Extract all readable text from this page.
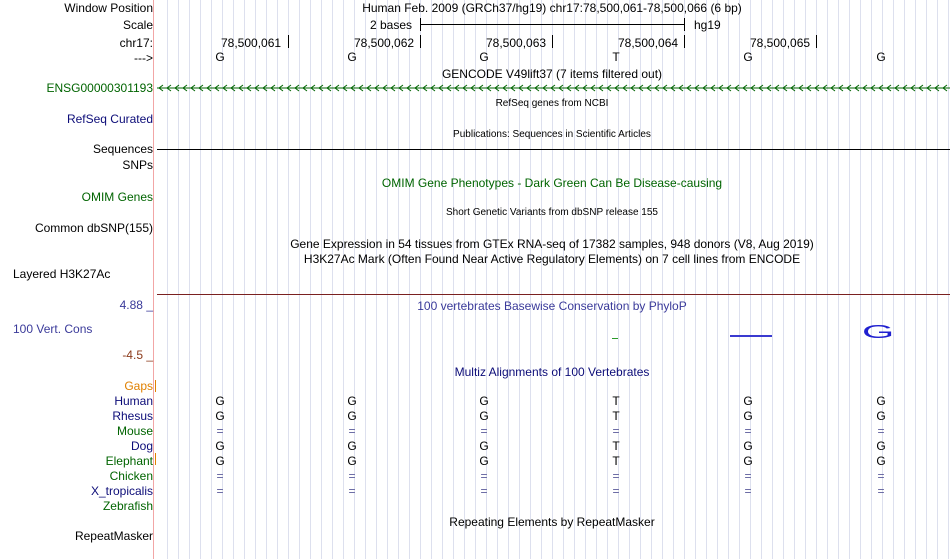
Window Position	Human Feb. 2009 (GRCh37/hg19) chr17:78,500,061-78,500,066 (6 bp)
Scale	2 bases	hg19
chr17:	78,500,061	78,500,062	78,500,063	78,500,064	78,500,065
--->	G	G	G	T	G	G
GENCODE V49lift37 (7 items filtered out)
ENSG00000301193
RefSeq genes from NCBI
RefSeq Curated
Publications: Sequences in Scientific Articles
Sequences
SNPs
OMIM Gene Phenotypes - Dark Green Can Be Disease-causing
OMIM Genes
Short Genetic Variants from dbSNP release 155
Common dbSNP(155)
Gene Expression in 54 tissues from GTEx RNA-seq of 17382 samples, 948 donors (V8, Aug 2019)
H3K27Ac Mark (Often Found Near Active Regulatory Elements) on 7 cell lines from ENCODE
Layered H3K27Ac
4.88 _	100 vertebrates Basewise Conservation by PhyloP
100 Vert. Cons	G
-4.5 _
Multiz Alignments of 100 Vertebrates
Gaps
Human	G	G	G	T	G	G
Rhesus	G	G	G	T	G	G
Mouse	=	=	=	=	=	=
Dog	G	G	G	T	G	G
Elephant	G	G	G	T	G	G
Chicken	=	=	=	=	=	=
X_tropicalis	=	=	=	=	=	=
Zebrafish
Repeating Elements by RepeatMasker
RepeatMasker
